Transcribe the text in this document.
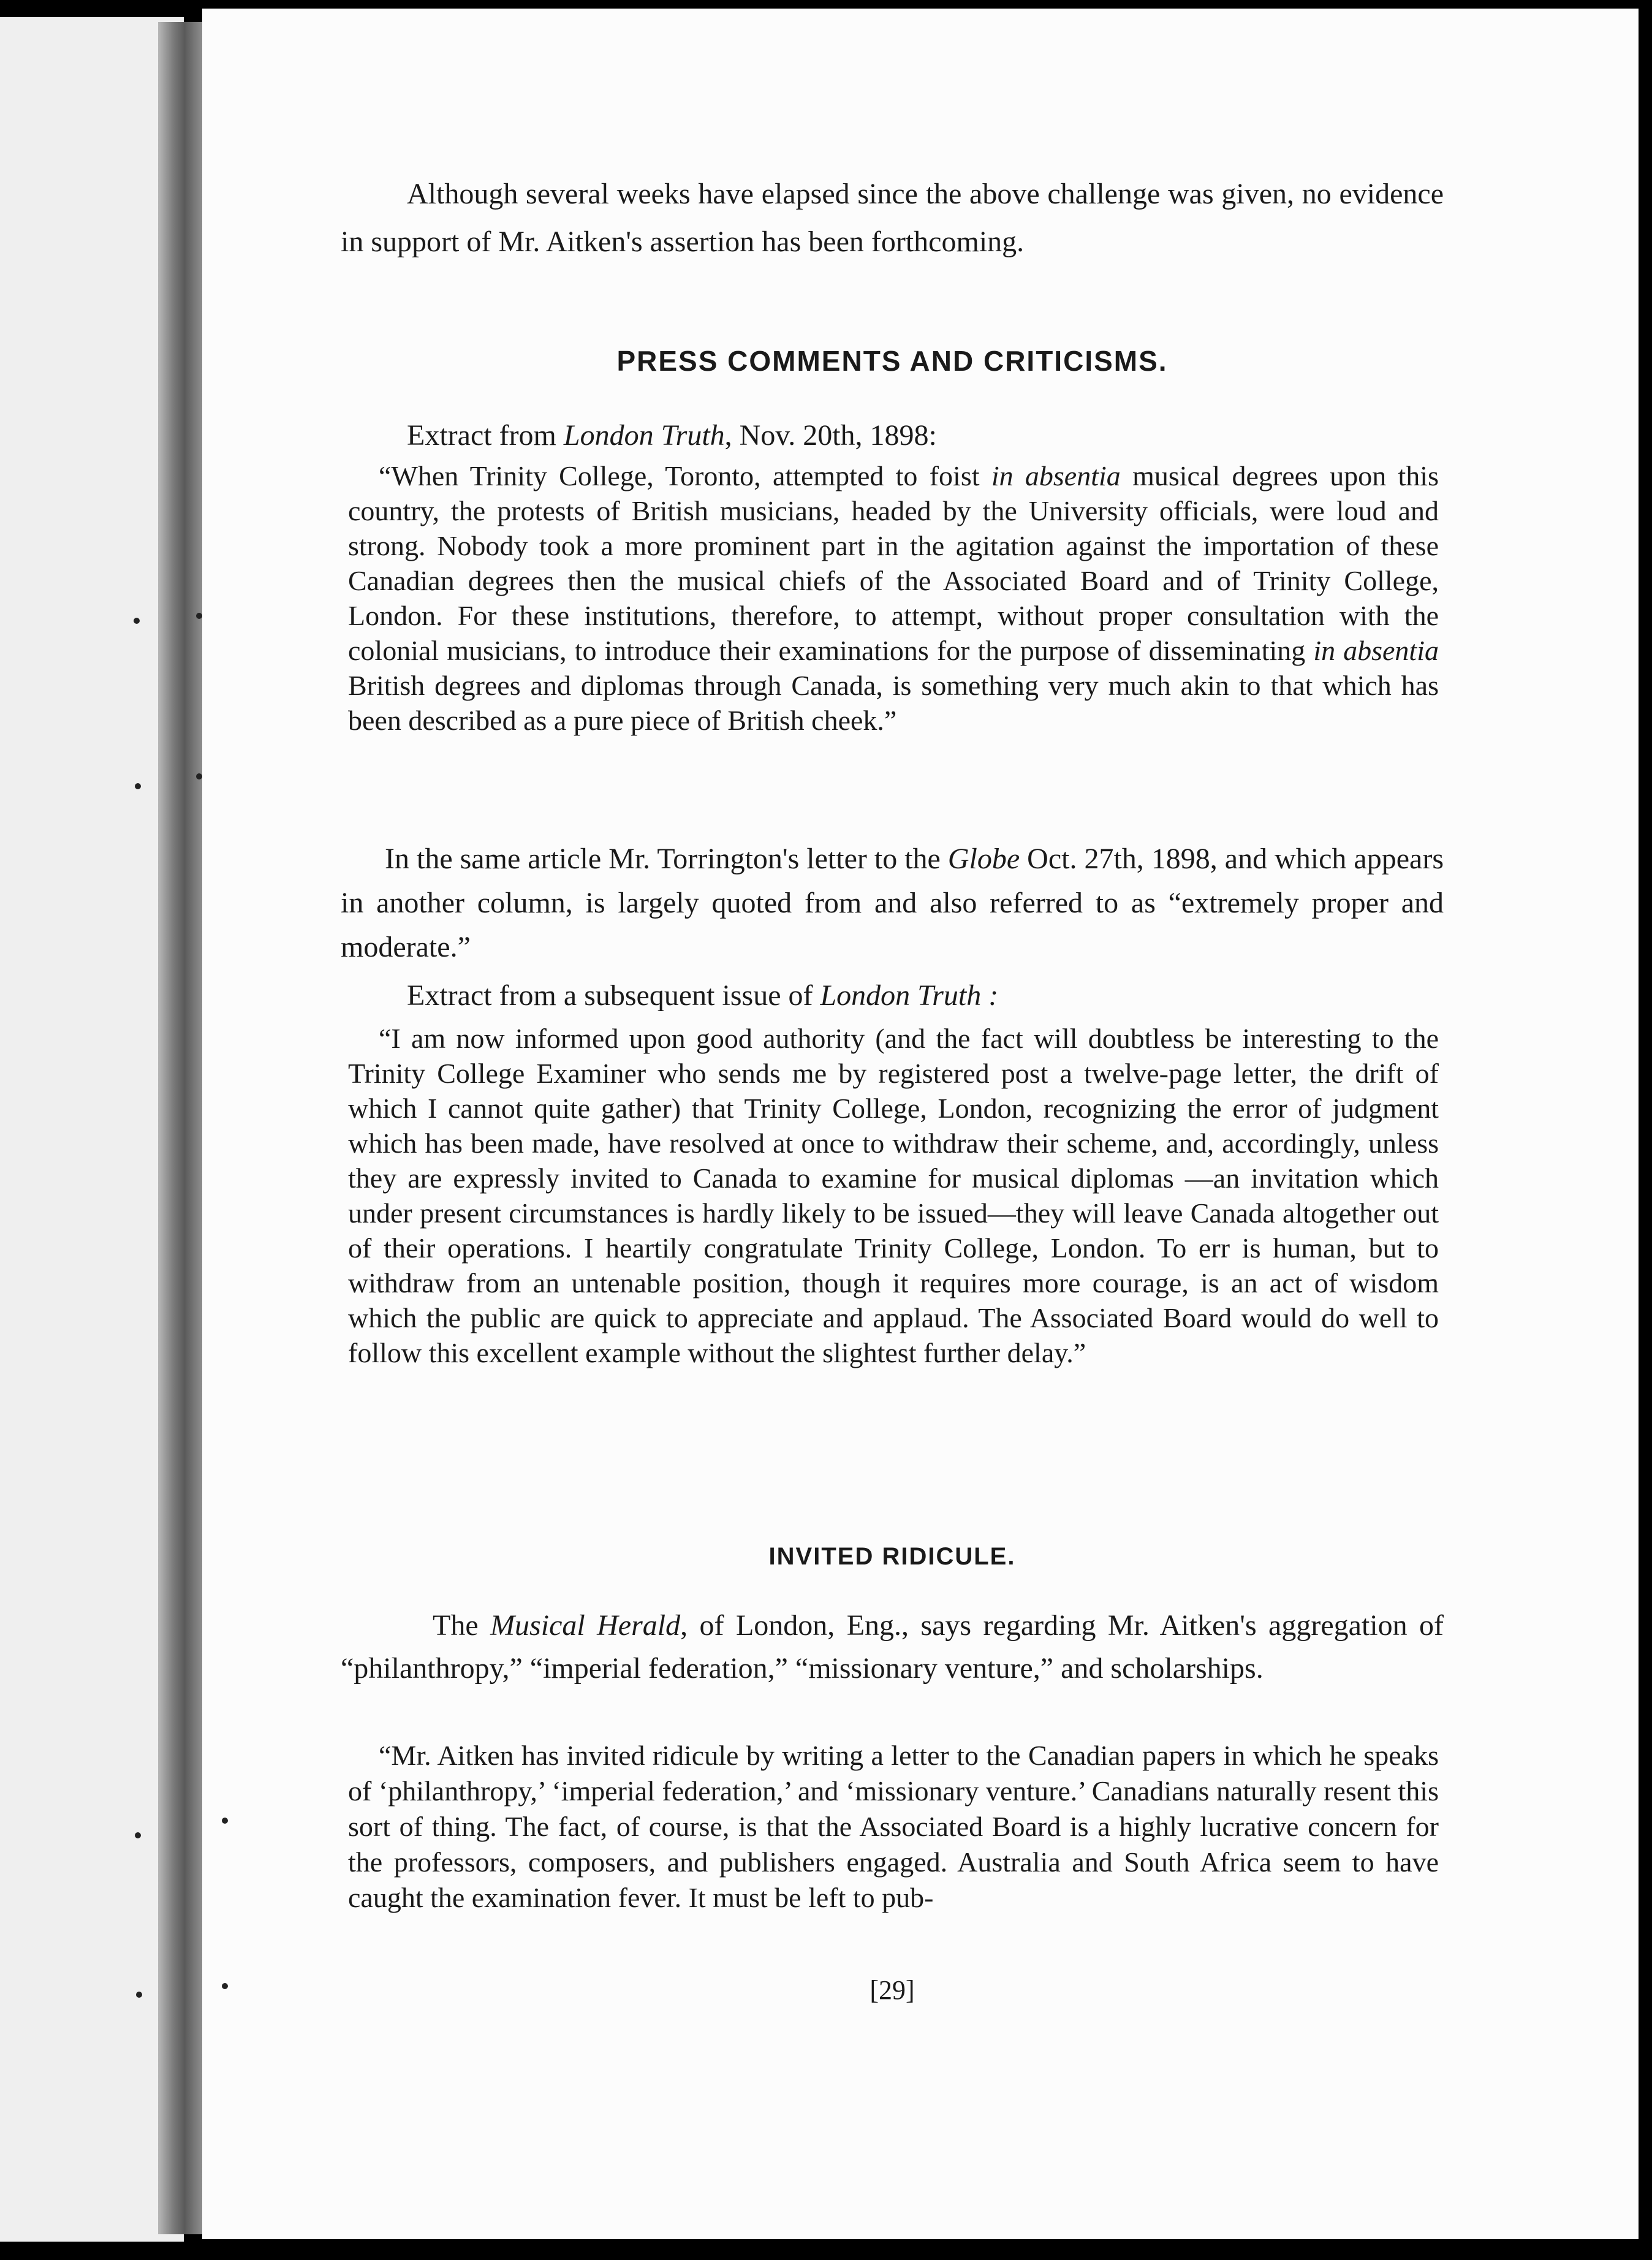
Although several weeks have elapsed since the above challenge was given, no evidence in support of Mr. Aitken's assertion has been forthcoming.

PRESS COMMENTS AND CRITICISMS.

Extract from London Truth, Nov. 20th, 1898:

“When Trinity College, Toronto, attempted to foist in absentia musical degrees upon this country, the protests of British musicians, headed by the University officials, were loud and strong. Nobody took a more prominent part in the agitation against the importation of these Canadian degrees then the musical chiefs of the Associated Board and of Trinity College, London. For these institutions, therefore, to attempt, without proper consultation with the colonial musicians, to introduce their examinations for the purpose of disseminating in absentia British degrees and diplomas through Canada, is something very much akin to that which has been described as a pure piece of British cheek.”

In the same article Mr. Torrington's letter to the Globe Oct. 27th, 1898, and which appears in another column, is largely quoted from and also referred to as “extremely proper and moderate.”

Extract from a subsequent issue of London Truth :

“I am now informed upon good authority (and the fact will doubtless be interesting to the Trinity College Examiner who sends me by registered post a twelve-page letter, the drift of which I cannot quite gather) that Trinity College, London, recognizing the error of judgment which has been made, have resolved at once to withdraw their scheme, and, accordingly, unless they are expressly invited to Canada to examine for musical diplomas —an invitation which under present circumstances is hardly likely to be issued—they will leave Canada altogether out of their operations. I heartily congratulate Trinity College, London. To err is human, but to withdraw from an untenable position, though it requires more courage, is an act of wisdom which the public are quick to appreciate and applaud. The Associated Board would do well to follow this excellent example without the slightest further delay.”

INVITED RIDICULE.

The Musical Herald, of London, Eng., says regarding Mr. Aitken's aggregation of “philanthropy,” “imperial federation,” “missionary venture,” and scholarships.

“Mr. Aitken has invited ridicule by writing a letter to the Canadian papers in which he speaks of ‘philanthropy,’ ‘imperial federation,’ and ‘missionary venture.’ Canadians naturally resent this sort of thing. The fact, of course, is that the Associated Board is a highly lucrative concern for the professors, composers, and publishers engaged. Australia and South Africa seem to have caught the examination fever. It must be left to pub-

[29]
